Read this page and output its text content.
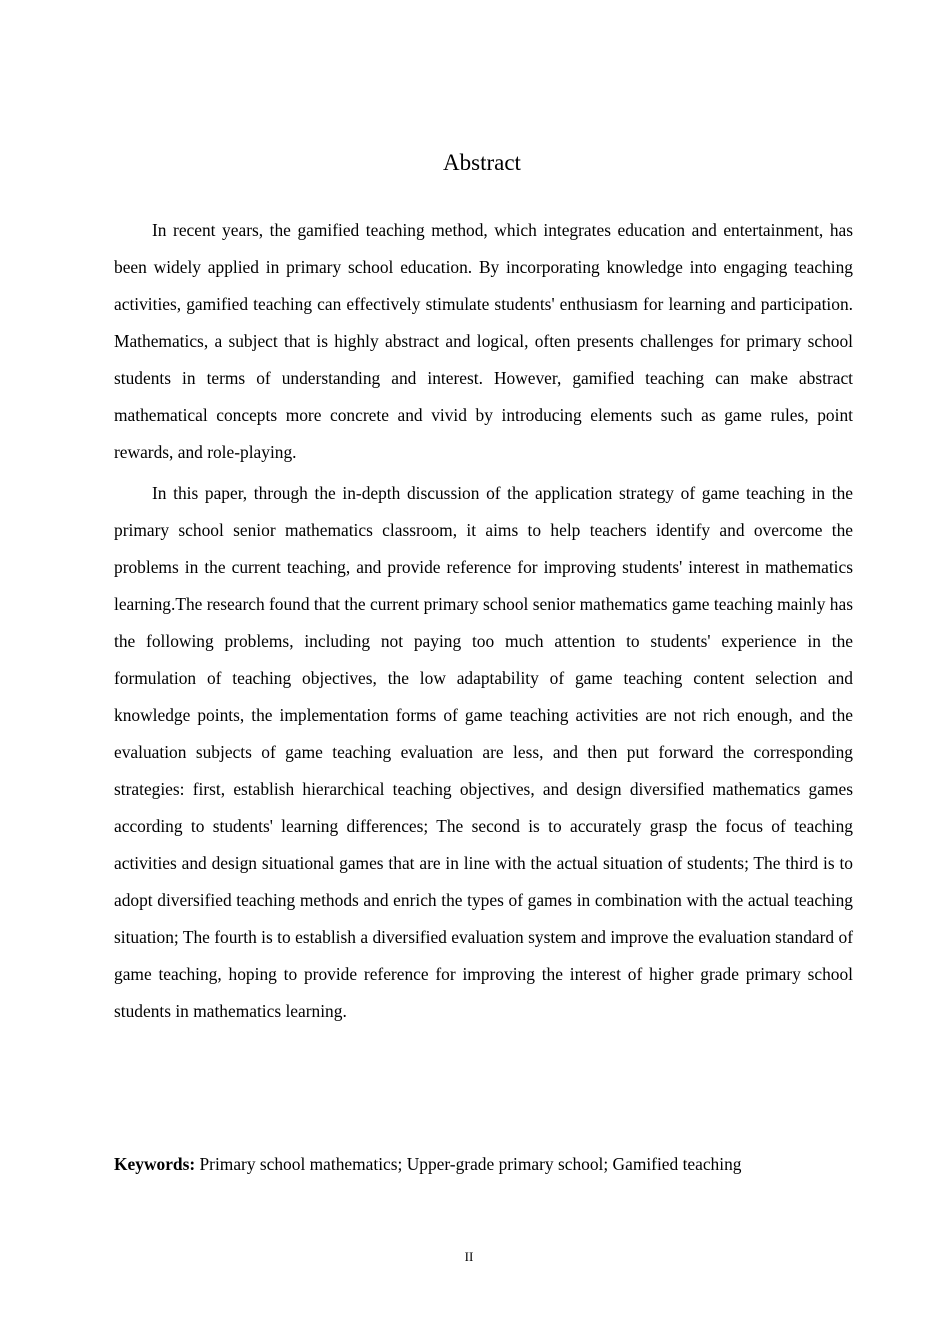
Abstract

In recent years, the gamified teaching method, which integrates education and entertainment, has been widely applied in primary school education. By incorporating knowledge into engaging teaching activities, gamified teaching can effectively stimulate students' enthusiasm for learning and participation. Mathematics, a subject that is highly abstract and logical, often presents challenges for primary school students in terms of understanding and interest. However, gamified teaching can make abstract mathematical concepts more concrete and vivid by introducing elements such as game rules, point rewards, and role-playing.

In this paper, through the in-depth discussion of the application strategy of game teaching in the primary school senior mathematics classroom, it aims to help teachers identify and overcome the problems in the current teaching, and provide reference for improving students' interest in mathematics learning.The research found that the current primary school senior mathematics game teaching mainly has the following problems, including not paying too much attention to students' experience in the formulation of teaching objectives, the low adaptability of game teaching content selection and knowledge points, the implementation forms of game teaching activities are not rich enough, and the evaluation subjects of game teaching evaluation are less, and then put forward the corresponding strategies: first, establish hierarchical teaching objectives, and design diversified mathematics games according to students' learning differences; The second is to accurately grasp the focus of teaching activities and design situational games that are in line with the actual situation of students; The third is to adopt diversified teaching methods and enrich the types of games in combination with the actual teaching situation; The fourth is to establish a diversified evaluation system and improve the evaluation standard of game teaching, hoping to provide reference for improving the interest of higher grade primary school students in mathematics learning.

Keywords: Primary school mathematics; Upper-grade primary school; Gamified teaching

II
